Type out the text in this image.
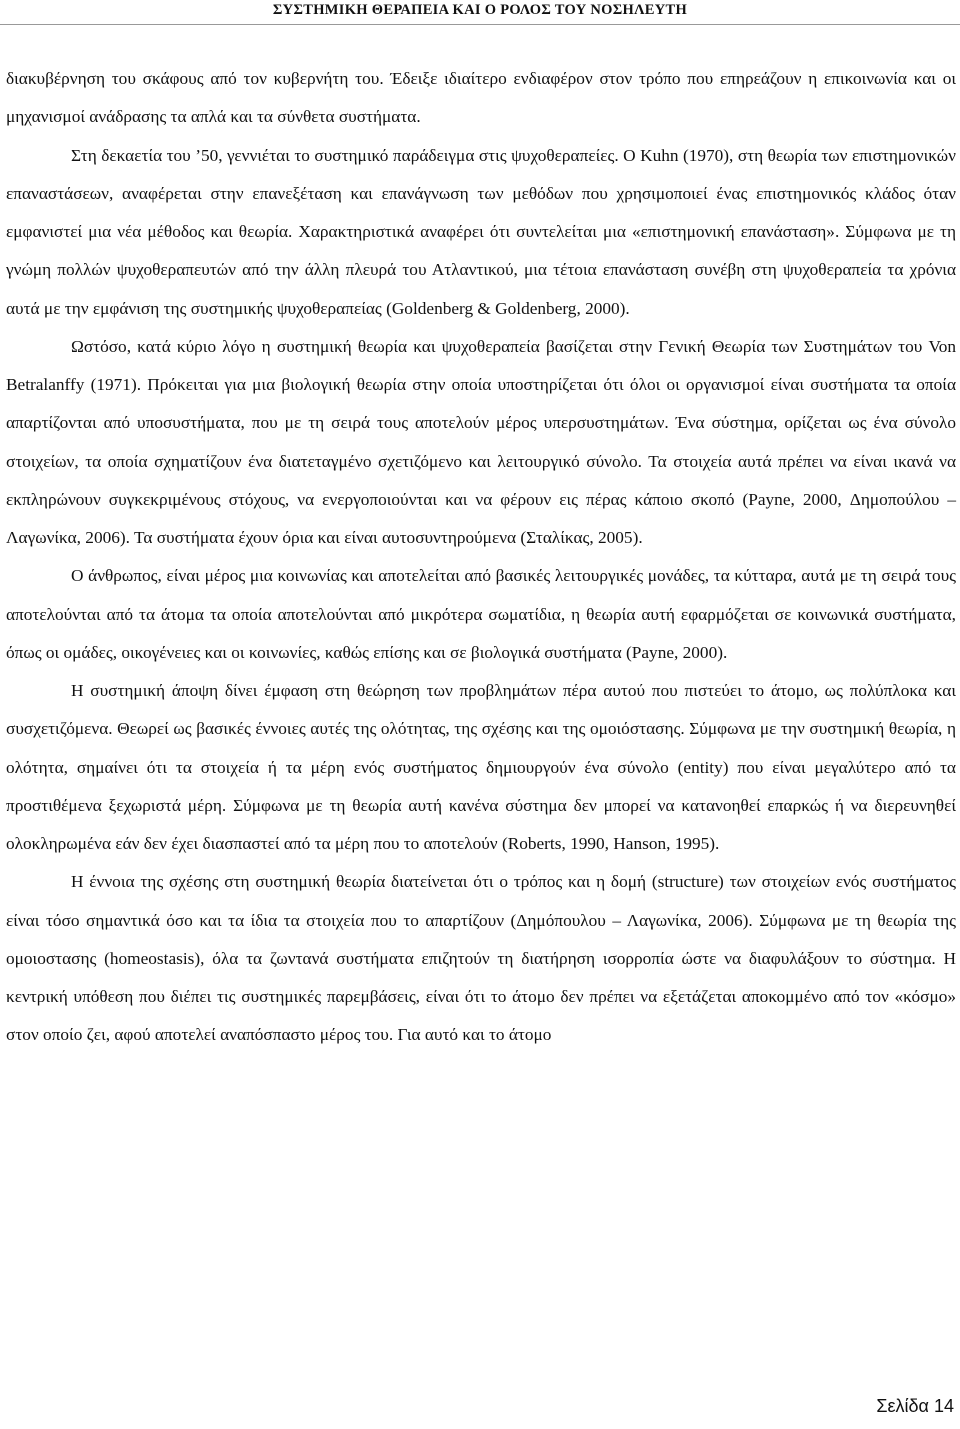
ΣΥΣΤΗΜΙΚΗ ΘΕΡΑΠΕΙΑ ΚΑΙ Ο ΡΟΛΟΣ ΤΟΥ ΝΟΣΗΛΕΥΤΗ

διακυβέρνηση του σκάφους από τον κυβερνήτη του. Έδειξε ιδιαίτερο ενδιαφέρον στον τρόπο που επηρεάζουν η επικοινωνία και οι μηχανισμοί ανάδρασης τα απλά και τα σύνθετα συστήματα.

Στη δεκαετία του ’50, γεννιέται το συστημικό παράδειγμα στις ψυχοθεραπείες. Ο Kuhn (1970), στη θεωρία των επιστημονικών επαναστάσεων, αναφέρεται στην επανεξέταση και επανάγνωση των μεθόδων που χρησιμοποιεί ένας επιστημονικός κλάδος όταν εμφανιστεί μια νέα μέθοδος και θεωρία. Χαρακτηριστικά αναφέρει ότι συντελείται μια «επιστημονική επανάσταση». Σύμφωνα με τη γνώμη πολλών ψυχοθεραπευτών από την άλλη πλευρά του Ατλαντικού, μια τέτοια επανάσταση συνέβη στη ψυχοθεραπεία τα χρόνια αυτά με την εμφάνιση της συστημικής ψυχοθεραπείας (Goldenberg & Goldenberg, 2000).

Ωστόσο, κατά κύριο λόγο η συστημική θεωρία και ψυχοθεραπεία βασίζεται στην Γενική Θεωρία των Συστημάτων του Von Betralanffy (1971). Πρόκειται για μια βιολογική θεωρία στην οποία υποστηρίζεται ότι όλοι οι οργανισμοί είναι συστήματα τα οποία απαρτίζονται από υποσυστήματα, που με τη σειρά τους αποτελούν μέρος υπερσυστημάτων. Ένα σύστημα, ορίζεται ως ένα σύνολο στοιχείων, τα οποία σχηματίζουν ένα διατεταγμένο σχετιζόμενο και λειτουργικό σύνολο. Τα στοιχεία αυτά πρέπει να είναι ικανά να εκπληρώνουν συγκεκριμένους στόχους, να ενεργοποιούνται και να φέρουν εις πέρας κάποιο σκοπό (Payne, 2000, Δημοπούλου – Λαγωνίκα, 2006). Τα συστήματα έχουν όρια και είναι αυτοσυντηρούμενα (Σταλίκας, 2005).

Ο άνθρωπος, είναι μέρος μια κοινωνίας και αποτελείται από βασικές λειτουργικές μονάδες, τα κύτταρα, αυτά με τη σειρά τους αποτελούνται από τα άτομα τα οποία αποτελούνται από μικρότερα σωματίδια, η θεωρία αυτή εφαρμόζεται σε κοινωνικά συστήματα, όπως οι ομάδες, οικογένειες και οι κοινωνίες, καθώς επίσης και σε βιολογικά συστήματα (Payne, 2000).

Η συστημική άποψη δίνει έμφαση στη θεώρηση των προβλημάτων πέρα αυτού που πιστεύει το άτομο, ως πολύπλοκα και συσχετιζόμενα. Θεωρεί ως βασικές έννοιες αυτές της ολότητας, της σχέσης και της ομοιόστασης. Σύμφωνα με την συστημική θεωρία, η ολότητα, σημαίνει ότι τα στοιχεία ή τα μέρη ενός συστήματος δημιουργούν ένα σύνολο (entity) που είναι μεγαλύτερο από τα προστιθέμενα ξεχωριστά μέρη. Σύμφωνα με τη θεωρία αυτή κανένα σύστημα δεν μπορεί να κατανοηθεί επαρκώς ή να διερευνηθεί ολοκληρωμένα εάν δεν έχει διασπαστεί από τα μέρη που το αποτελούν (Roberts, 1990, Hanson, 1995).

Η έννοια της σχέσης στη συστημική θεωρία διατείνεται ότι ο τρόπος και η δομή (structure) των στοιχείων ενός συστήματος είναι τόσο σημαντικά όσο και τα ίδια τα στοιχεία που το απαρτίζουν (Δημόπουλου – Λαγωνίκα, 2006). Σύμφωνα με τη θεωρία της ομοιοστασης (homeostasis), όλα τα ζωντανά συστήματα επιζητούν τη διατήρηση ισορροπία ώστε να διαφυλάξουν το σύστημα. Η κεντρική υπόθεση που διέπει τις συστημικές παρεμβάσεις, είναι ότι το άτομο δεν πρέπει να εξετάζεται αποκομμένο από τον «κόσμο» στον οποίο ζει, αφού αποτελεί αναπόσπαστο μέρος του. Για αυτό και το άτομο

Σελίδα 14
